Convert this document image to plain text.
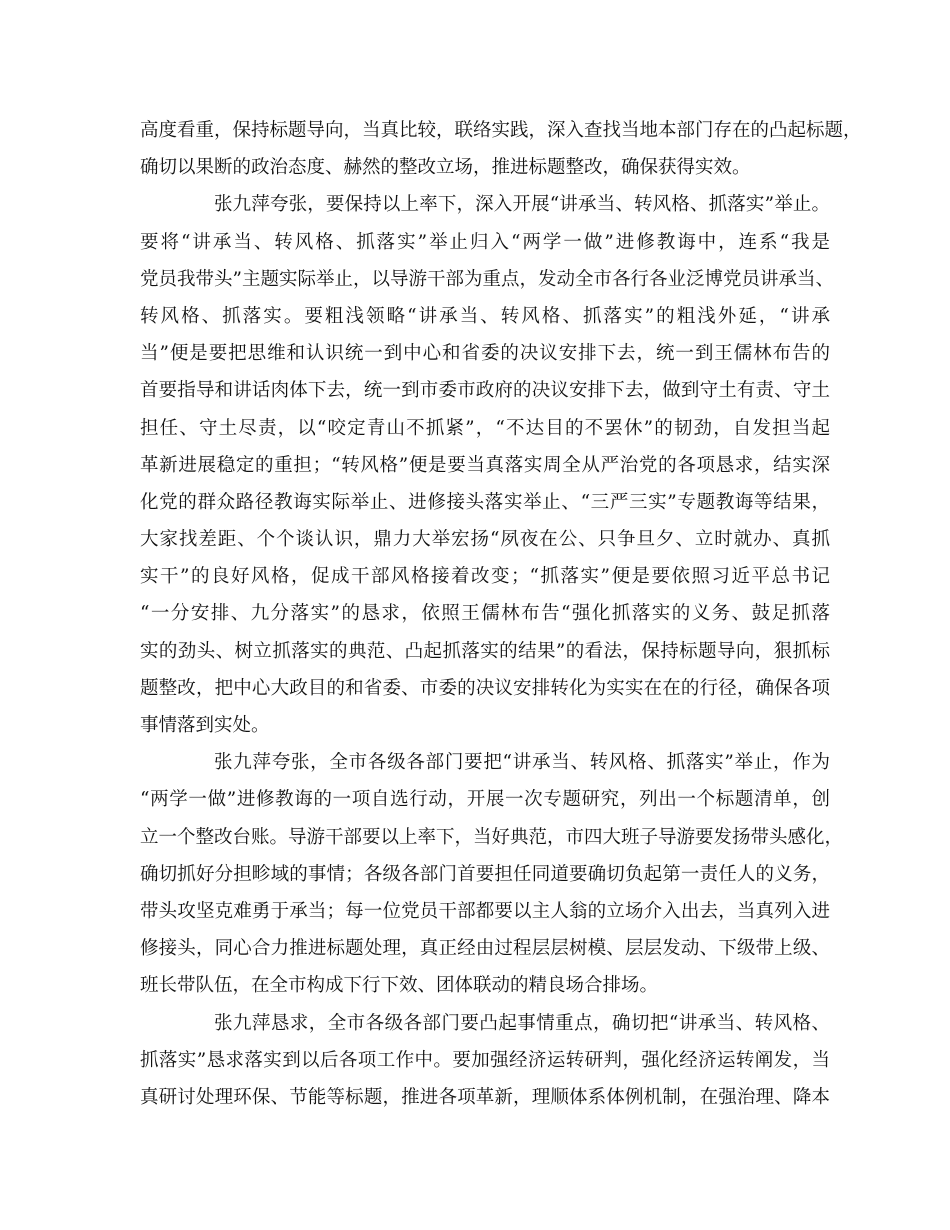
高度看重，保持标题导向，当真比较，联络实践，深入查找当地本部门存在的凸起标题，
确切以果断的政治态度、赫然的整改立场，推进标题整改，确保获得实效。
张九萍夸张，要保持以上率下，深入开展“讲承当、转风格、抓落实”举止。
要将“讲承当、转风格、抓落实”举止归入“两学一做”进修教诲中，连系“我是
党员我带头”主题实际举止，以导游干部为重点，发动全市各行各业泛博党员讲承当、
转风格、抓落实。要粗浅领略“讲承当、转风格、抓落实”的粗浅外延，“讲承
当”便是要把思维和认识统一到中心和省委的决议安排下去，统一到王儒林布告的
首要指导和讲话肉体下去，统一到市委市政府的决议安排下去，做到守土有责、守土
担任、守土尽责，以“咬定青山不抓紧”，“不达目的不罢休”的韧劲，自发担当起
革新进展稳定的重担；“转风格”便是要当真落实周全从严治党的各项恳求，结实深
化党的群众路径教诲实际举止、进修接头落实举止、“三严三实”专题教诲等结果，
大家找差距、个个谈认识，鼎力大举宏扬“夙夜在公、只争旦夕、立时就办、真抓
实干”的良好风格，促成干部风格接着改变；“抓落实”便是要依照习近平总书记
“一分安排、九分落实”的恳求，依照王儒林布告“强化抓落实的义务、鼓足抓落
实的劲头、树立抓落实的典范、凸起抓落实的结果”的看法，保持标题导向，狠抓标
题整改，把中心大政目的和省委、市委的决议安排转化为实实在在的行径，确保各项
事情落到实处。
张九萍夸张，全市各级各部门要把“讲承当、转风格、抓落实”举止，作为
“两学一做”进修教诲的一项自选行动，开展一次专题研究，列出一个标题清单，创
立一个整改台账。导游干部要以上率下，当好典范，市四大班子导游要发扬带头感化，
确切抓好分担畛域的事情；各级各部门首要担任同道要确切负起第一责任人的义务，
带头攻坚克难勇于承当；每一位党员干部都要以主人翁的立场介入出去，当真列入进
修接头，同心合力推进标题处理，真正经由过程层层树模、层层发动、下级带上级、
班长带队伍，在全市构成下行下效、团体联动的精良场合排场。
张九萍恳求，全市各级各部门要凸起事情重点，确切把“讲承当、转风格、
抓落实”恳求落实到以后各项工作中。要加强经济运转研判，强化经济运转阐发，当
真研讨处理环保、节能等标题，推进各项革新，理顺体系体例机制，在强治理、降本
